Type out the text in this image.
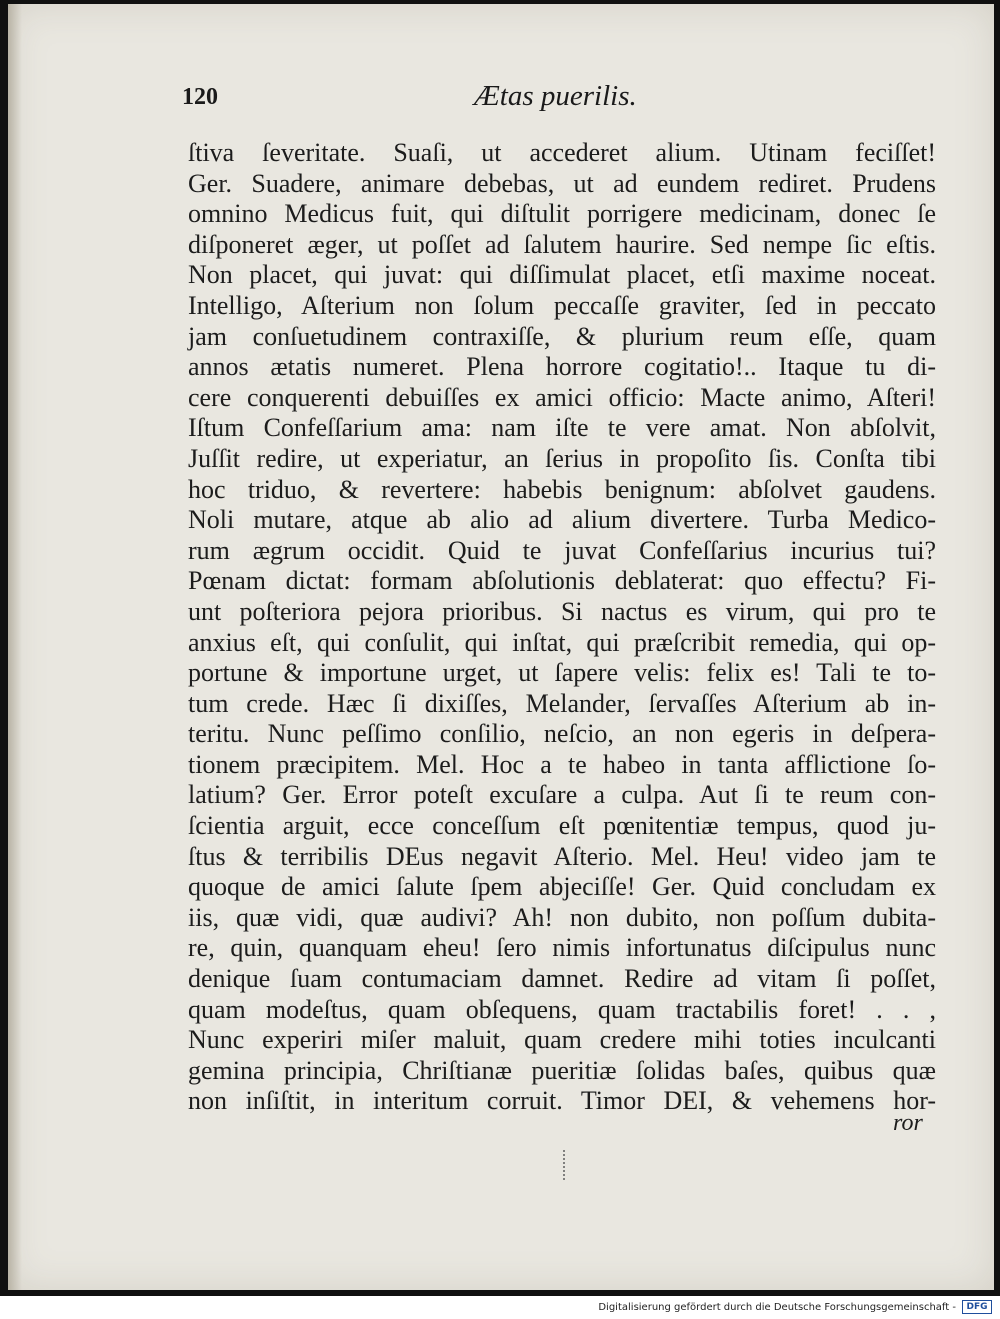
120	Ætas puerilis.
ſtiva ſeveritate. Suaſi, ut accederet alium. Utinam feciſſet!
Ger. Suadere, animare debebas, ut ad eundem rediret. Prudens
omnino Medicus fuit, qui diſtulit porrigere medicinam, donec ſe
diſponeret æger, ut poſſet ad ſalutem haurire. Sed nempe ſic eſtis.
Non placet, qui juvat: qui diſſimulat placet, etſi maxime noceat.
Intelligo, Aſterium non ſolum peccaſſe graviter, ſed in peccato
jam conſuetudinem contraxiſſe, & plurium reum eſſe, quam
annos ætatis numeret. Plena horrore cogitatio!.. Itaque tu di-
cere conquerenti debuiſſes ex amici officio: Macte animo, Aſteri!
Iſtum Confeſſarium ama: nam iſte te vere amat. Non abſolvit,
Juſſit redire, ut experiatur, an ſerius in propoſito ſis. Conſta tibi
hoc triduo, & revertere: habebis benignum: abſolvet gaudens.
Noli mutare, atque ab alio ad alium divertere. Turba Medico-
rum ægrum occidit. Quid te juvat Confeſſarius incurius tui?
Pœnam dictat: formam abſolutionis deblaterat: quo effectu? Fi-
unt poſteriora pejora prioribus. Si nactus es virum, qui pro te
anxius eſt, qui conſulit, qui inſtat, qui præſcribit remedia, qui op-
portune & importune urget, ut ſapere velis: felix es! Tali te to-
tum crede. Hæc ſi dixiſſes, Melander, ſervaſſes Aſterium ab in-
teritu. Nunc peſſimo conſilio, neſcio, an non egeris in deſpera-
tionem præcipitem. Mel. Hoc a te habeo in tanta afflictione ſo-
latium? Ger. Error poteſt excuſare a culpa. Aut ſi te reum con-
ſcientia arguit, ecce conceſſum eſt pœnitentiæ tempus, quod ju-
ſtus & terribilis DEus negavit Aſterio. Mel. Heu! video jam te
quoque de amici ſalute ſpem abjeciſſe! Ger. Quid concludam ex
iis, quæ vidi, quæ audivi? Ah! non dubito, non poſſum dubita-
re, quin, quanquam eheu! ſero nimis infortunatus diſcipulus nunc
denique ſuam contumaciam damnet. Redire ad vitam ſi poſſet,
quam modeſtus, quam obſequens, quam tractabilis foret! . . ,
Nunc experiri miſer maluit, quam credere mihi toties inculcanti
gemina principia, Chriſtianæ pueritiæ ſolidas baſes, quibus quæ
non inſiſtit, in interitum corruit. Timor DEI, & vehemens hor-
ror
Digitalisierung gefördert durch die Deutsche Forschungsgemeinschaft -	DFG
